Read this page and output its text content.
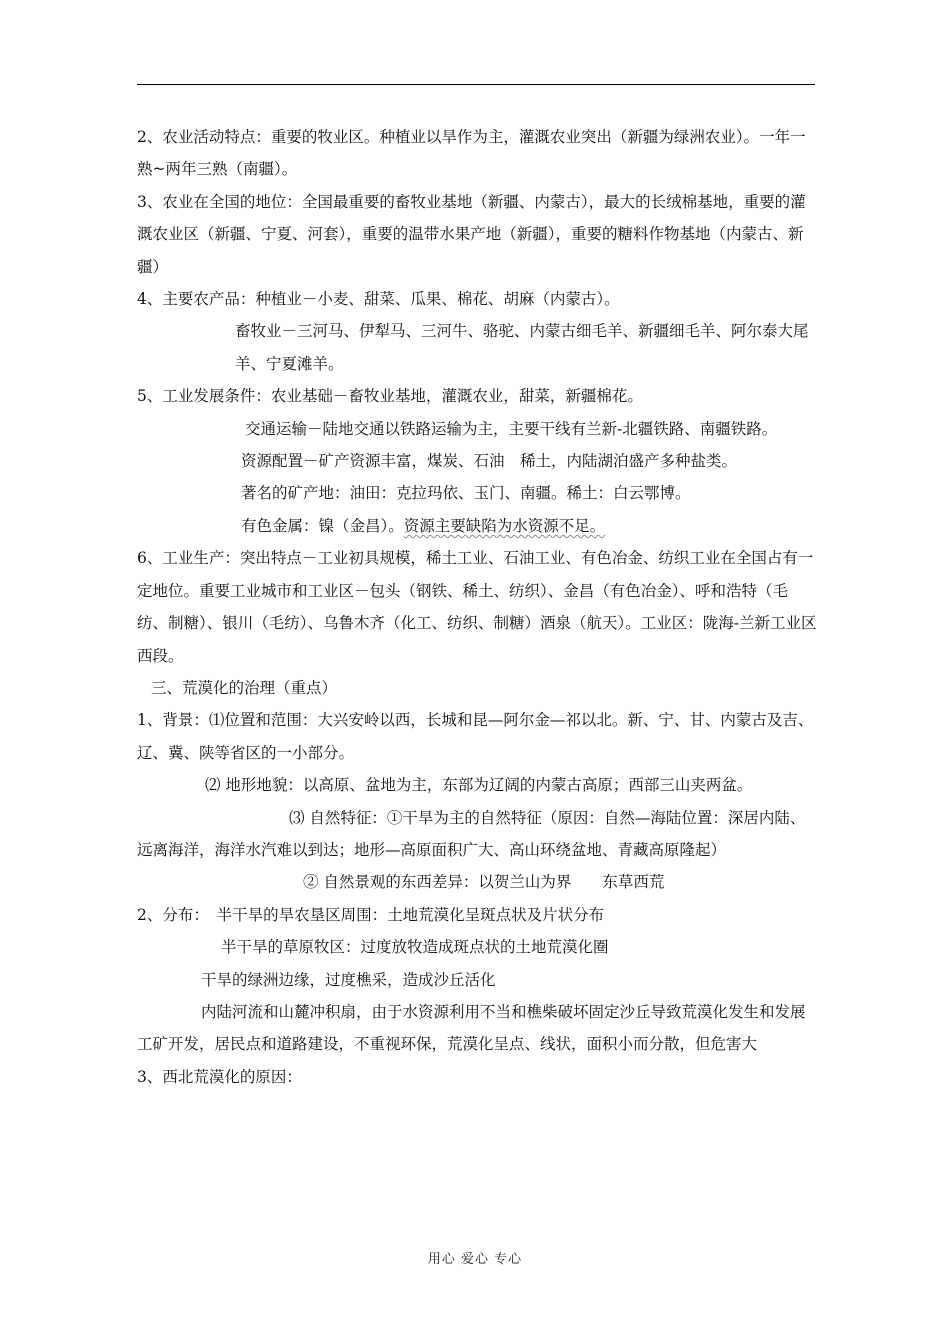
2、农业活动特点：重要的牧业区。种植业以旱作为主，灌溉农业突出（新疆为绿洲农业）。一年一熟~两年三熟（南疆）。

3、农业在全国的地位：全国最重要的畜牧业基地（新疆、内蒙古），最大的长绒棉基地，重要的灌溉农业区（新疆、宁夏、河套），重要的温带水果产地（新疆），重要的糖料作物基地（内蒙古、新疆）

4、主要农产品：种植业－小麦、甜菜、瓜果、棉花、胡麻（内蒙古）。

畜牧业－三河马、伊犁马、三河牛、骆驼、内蒙古细毛羊、新疆细毛羊、阿尔泰大尾羊、宁夏滩羊。

5、工业发展条件：农业基础－畜牧业基地，灌溉农业，甜菜，新疆棉花。

交通运输－陆地交通以铁路运输为主，主要干线有兰新-北疆铁路、南疆铁路。

资源配置－矿产资源丰富，煤炭、石油　稀土，内陆湖泊盛产多种盐类。

著名的矿产地：油田：克拉玛依、玉门、南疆。稀土：白云鄂博。

有色金属：镍（金昌）。资源主要缺陷为水资源不足。

6、工业生产：突出特点－工业初具规模，稀土工业、石油工业、有色冶金、纺织工业在全国占有一定地位。重要工业城市和工业区－包头（钢铁、稀土、纺织）、金昌（有色冶金）、呼和浩特（毛纺、制糖）、银川（毛纺）、乌鲁木齐（化工、纺织、制糖）酒泉（航天）。工业区：陇海-兰新工业区西段。

三、荒漠化的治理（重点）

1、背景：⑴位置和范围：大兴安岭以西，长城和昆—阿尔金—祁以北。新、宁、甘、内蒙古及吉、辽、冀、陕等省区的一小部分。

⑵ 地形地貌：以高原、盆地为主，东部为辽阔的内蒙古高原；西部三山夹两盆。

⑶ 自然特征：①干旱为主的自然特征（原因：自然—海陆位置：深居内陆、远离海洋，海洋水汽难以到达；地形—高原面积广大、高山环绕盆地、青藏高原隆起）

② 自然景观的东西差异：以贺兰山为界　　东草西荒

2、分布：　半干旱的旱农垦区周围：土地荒漠化呈斑点状及片状分布

半干旱的草原牧区：过度放牧造成斑点状的土地荒漠化圈

干旱的绿洲边缘，过度樵采，造成沙丘活化

内陆河流和山麓冲积扇，由于水资源利用不当和樵柴破坏固定沙丘导致荒漠化发生和发展工矿开发，居民点和道路建设，不重视环保，荒漠化呈点、线状，面积小而分散，但危害大

3、西北荒漠化的原因：

用心 爱心 专心
